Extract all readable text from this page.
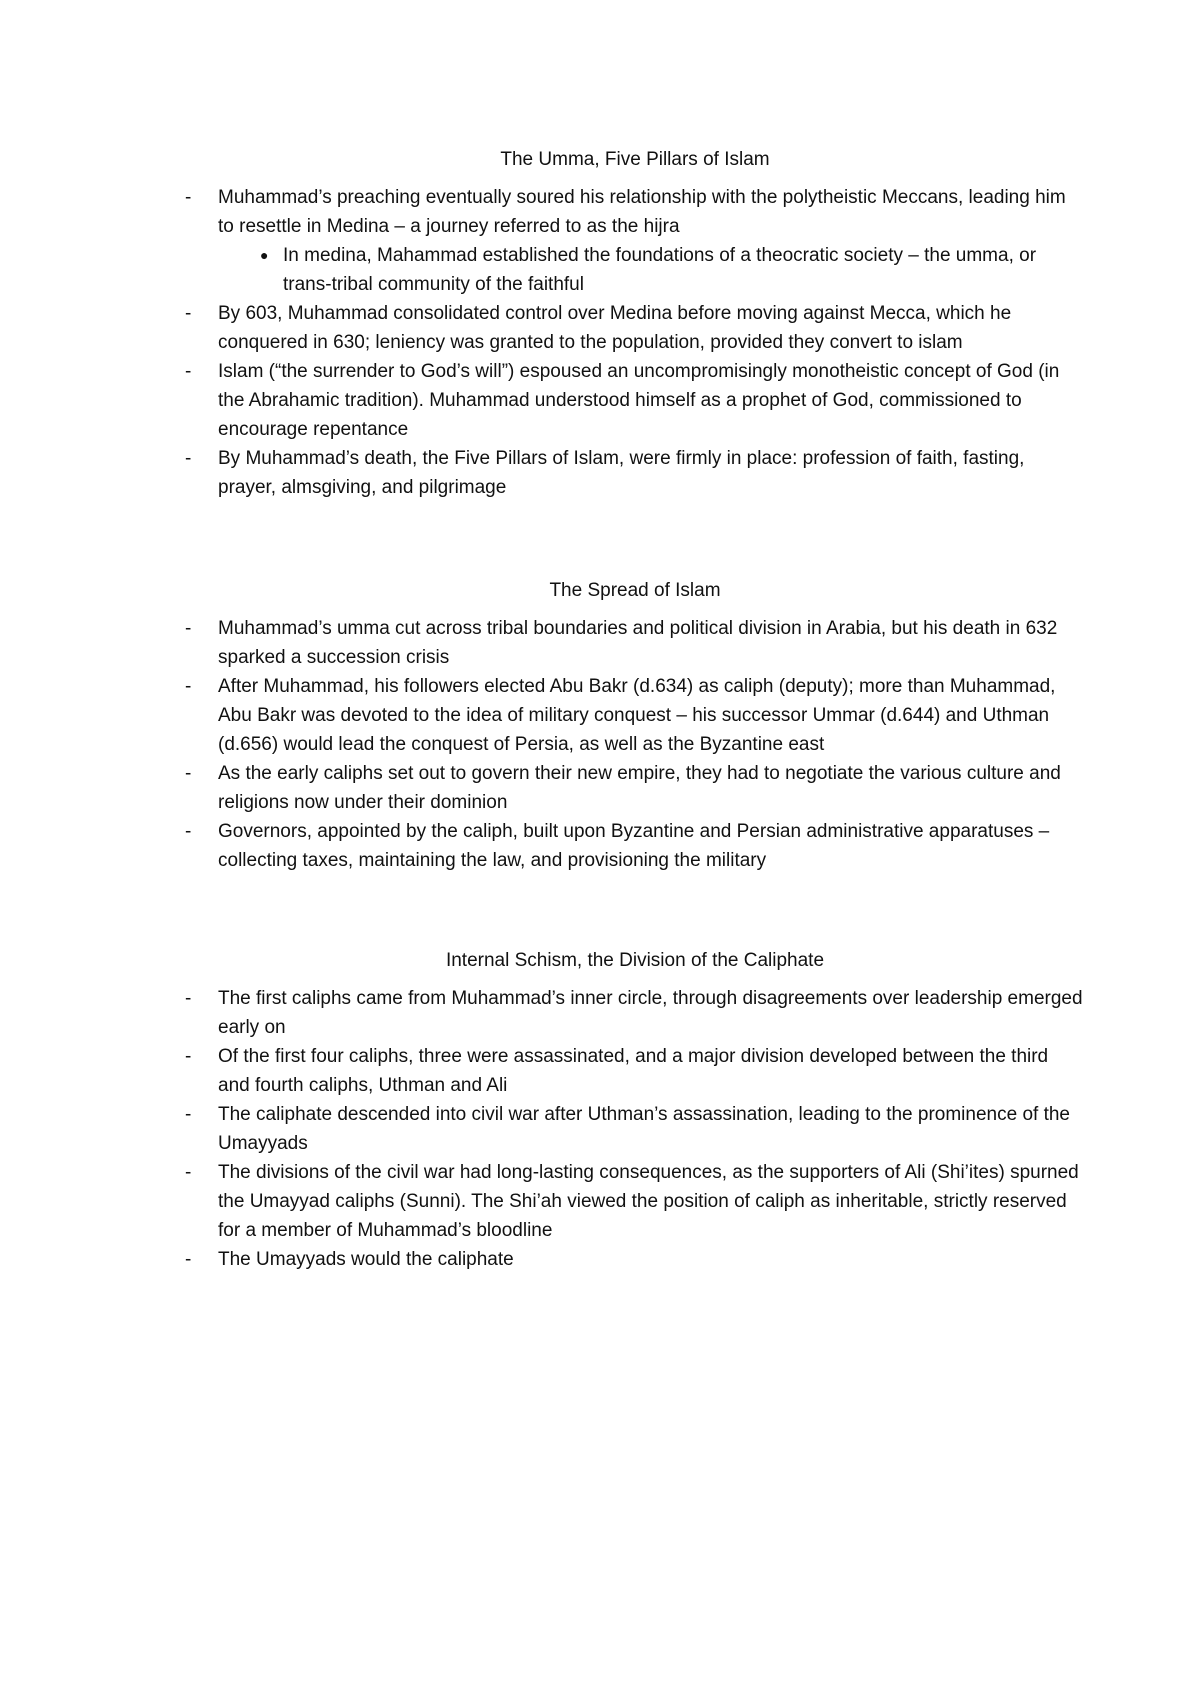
The Umma, Five Pillars of Islam
- Muhammad’s preaching eventually soured his relationship with the polytheistic Meccans, leading him to resettle in Medina – a journey referred to as the hijra
● In medina, Mahammad established the foundations of a theocratic society – the umma, or trans-tribal community of the faithful
- By 603, Muhammad consolidated control over Medina before moving against Mecca, which he conquered in 630; leniency was granted to the population, provided they convert to islam
- Islam (“the surrender to God’s will”) espoused an uncompromisingly monotheistic concept of God (in the Abrahamic tradition). Muhammad understood himself as a prophet of God, commissioned to encourage repentance
- By Muhammad’s death, the Five Pillars of Islam, were firmly in place: profession of faith, fasting, prayer, almsgiving, and pilgrimage
The Spread of Islam
- Muhammad’s umma cut across tribal boundaries and political division in Arabia, but his death in 632 sparked a succession crisis
- After Muhammad, his followers elected Abu Bakr (d.634) as caliph (deputy); more than Muhammad, Abu Bakr was devoted to the idea of military conquest – his successor Ummar (d.644) and Uthman (d.656) would lead the conquest of Persia, as well as the Byzantine east
- As the early caliphs set out to govern their new empire, they had to negotiate the various culture and religions now under their dominion
- Governors, appointed by the caliph, built upon Byzantine and Persian administrative apparatuses – collecting taxes, maintaining the law, and provisioning the military
Internal Schism, the Division of the Caliphate
- The first caliphs came from Muhammad’s inner circle, through disagreements over leadership emerged early on
- Of the first four caliphs, three were assassinated, and a major division developed between the third and fourth caliphs, Uthman and Ali
- The caliphate descended into civil war after Uthman’s assassination, leading to the prominence of the Umayyads
- The divisions of the civil war had long-lasting consequences, as the supporters of Ali (Shi’ites) spurned the Umayyad caliphs (Sunni). The Shi’ah viewed the position of caliph as inheritable, strictly reserved for a member of Muhammad’s bloodline
- The Umayyads would the caliphate
